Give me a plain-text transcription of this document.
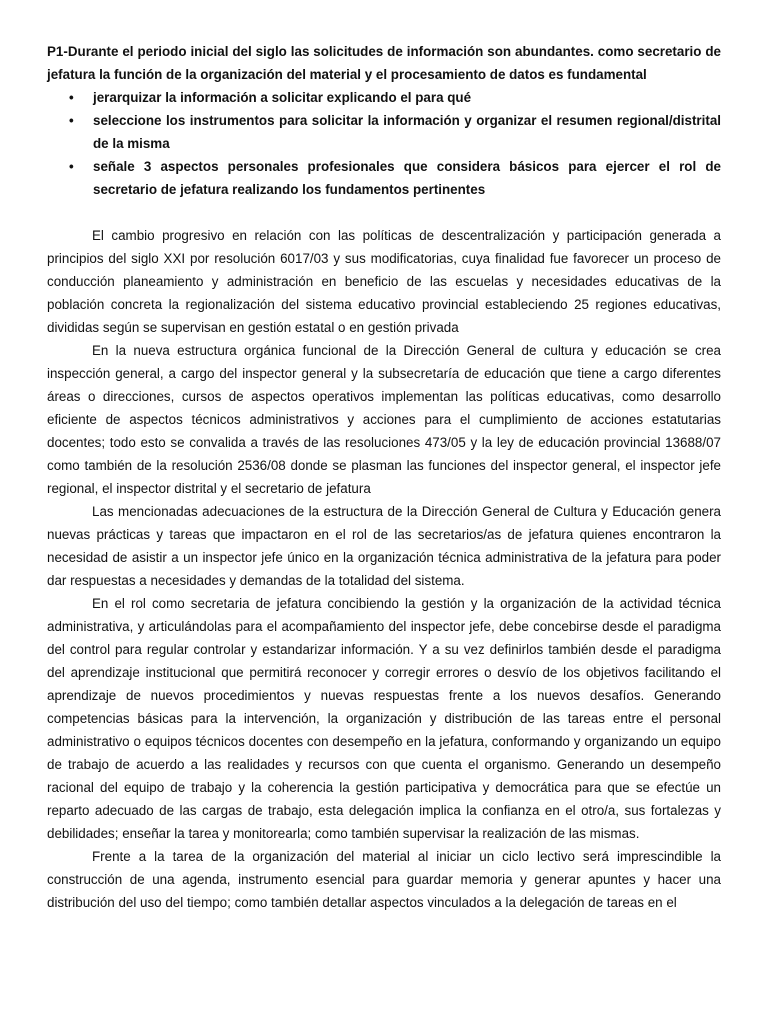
P1-Durante el periodo inicial del siglo las solicitudes de información son abundantes. como secretario de jefatura la función de la organización del material y el procesamiento de datos es fundamental

• jerarquizar la información a solicitar explicando el para qué
• seleccione los instrumentos para solicitar la información y organizar el resumen regional/distrital de la misma
• señale 3 aspectos personales profesionales que considera básicos para ejercer el rol de secretario de jefatura realizando los fundamentos pertinentes

El cambio progresivo en relación con las políticas de descentralización y participación generada a principios del siglo XXI por resolución 6017/03 y sus modificatorias, cuya finalidad fue favorecer un proceso de conducción planeamiento y administración en beneficio de las escuelas y necesidades educativas de la población concreta la regionalización del sistema educativo provincial estableciendo 25 regiones educativas, divididas según se supervisan en gestión estatal o en gestión privada

En la nueva estructura orgánica funcional de la Dirección General de cultura y educación se crea inspección general, a cargo del inspector general y la subsecretaría de educación que tiene a cargo diferentes áreas o direcciones, cursos de aspectos operativos implementan las políticas educativas, como desarrollo eficiente de aspectos técnicos administrativos y acciones para el cumplimiento de acciones estatutarias docentes; todo esto se convalida a través de las resoluciones 473/05 y la ley de educación provincial 13688/07 como también de la resolución 2536/08 donde se plasman las funciones del inspector general, el inspector jefe regional, el inspector distrital y el secretario de jefatura

Las mencionadas adecuaciones de la estructura de la Dirección General de Cultura y Educación genera nuevas prácticas y tareas que impactaron en el rol de las secretarios/as de jefatura quienes encontraron la necesidad de asistir a un inspector jefe único en la organización técnica administrativa de la jefatura para poder dar respuestas a necesidades y demandas de la totalidad del sistema.

En el rol como secretaria de jefatura concibiendo la gestión y la organización de la actividad técnica administrativa, y articulándolas para el acompañamiento del inspector jefe, debe concebirse desde el paradigma del control para regular controlar y estandarizar información. Y a su vez definirlos también desde el paradigma del aprendizaje institucional que permitirá reconocer y corregir errores o desvío de los objetivos facilitando el aprendizaje de nuevos procedimientos y nuevas respuestas frente a los nuevos desafíos. Generando competencias básicas para la intervención, la organización y distribución de las tareas entre el personal administrativo o equipos técnicos docentes con desempeño en la jefatura, conformando y organizando un equipo de trabajo de acuerdo a las realidades y recursos con que cuenta el organismo. Generando un desempeño racional del equipo de trabajo y la coherencia la gestión participativa y democrática para que se efectúe un reparto adecuado de las cargas de trabajo, esta delegación implica la confianza en el otro/a, sus fortalezas y debilidades; enseñar la tarea y monitorearla; como también supervisar la realización de las mismas.

Frente a la tarea de la organización del material al iniciar un ciclo lectivo será imprescindible la construcción de una agenda, instrumento esencial para guardar memoria y generar apuntes y hacer una distribución del uso del tiempo; como también detallar aspectos vinculados a la delegación de tareas en el
